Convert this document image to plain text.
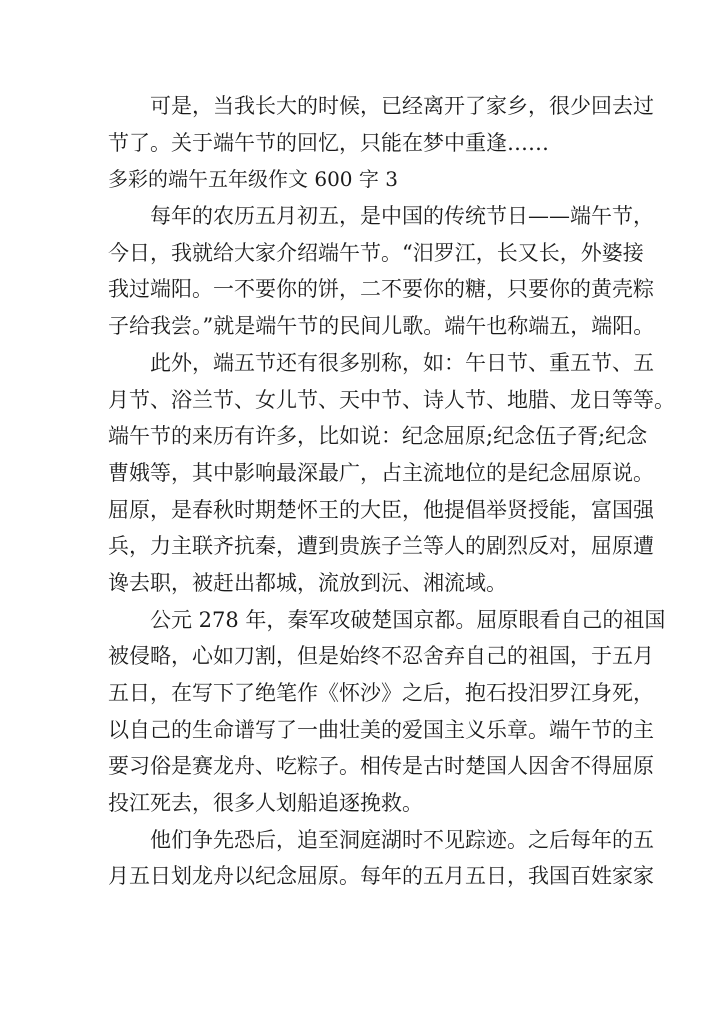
可是，当我长大的时候，已经离开了家乡，很少回去过
节了。关于端午节的回忆，只能在梦中重逢……
多彩的端午五年级作文 600 字 3
每年的农历五月初五，是中国的传统节日——端午节，
今日，我就给大家介绍端午节。“汨罗江，长又长，外婆接
我过端阳。一不要你的饼，二不要你的糖，只要你的黄壳粽
子给我尝。”就是端午节的民间儿歌。端午也称端五，端阳。
此外，端五节还有很多别称，如：午日节、重五节、五
月节、浴兰节、女儿节、天中节、诗人节、地腊、龙日等等。
端午节的来历有许多，比如说：纪念屈原;纪念伍子胥;纪念
曹娥等，其中影响最深最广，占主流地位的是纪念屈原说。
屈原，是春秋时期楚怀王的大臣，他提倡举贤授能，富国强
兵，力主联齐抗秦，遭到贵族子兰等人的剧烈反对，屈原遭
谗去职，被赶出都城，流放到沅、湘流域。
公元 278 年，秦军攻破楚国京都。屈原眼看自己的祖国
被侵略，心如刀割，但是始终不忍舍弃自己的祖国，于五月
五日，在写下了绝笔作《怀沙》之后，抱石投汨罗江身死，
以自己的生命谱写了一曲壮美的爱国主义乐章。端午节的主
要习俗是赛龙舟、吃粽子。相传是古时楚国人因舍不得屈原
投江死去，很多人划船追逐挽救。
他们争先恐后，追至洞庭湖时不见踪迹。之后每年的五
月五日划龙舟以纪念屈原。每年的五月五日，我国百姓家家
